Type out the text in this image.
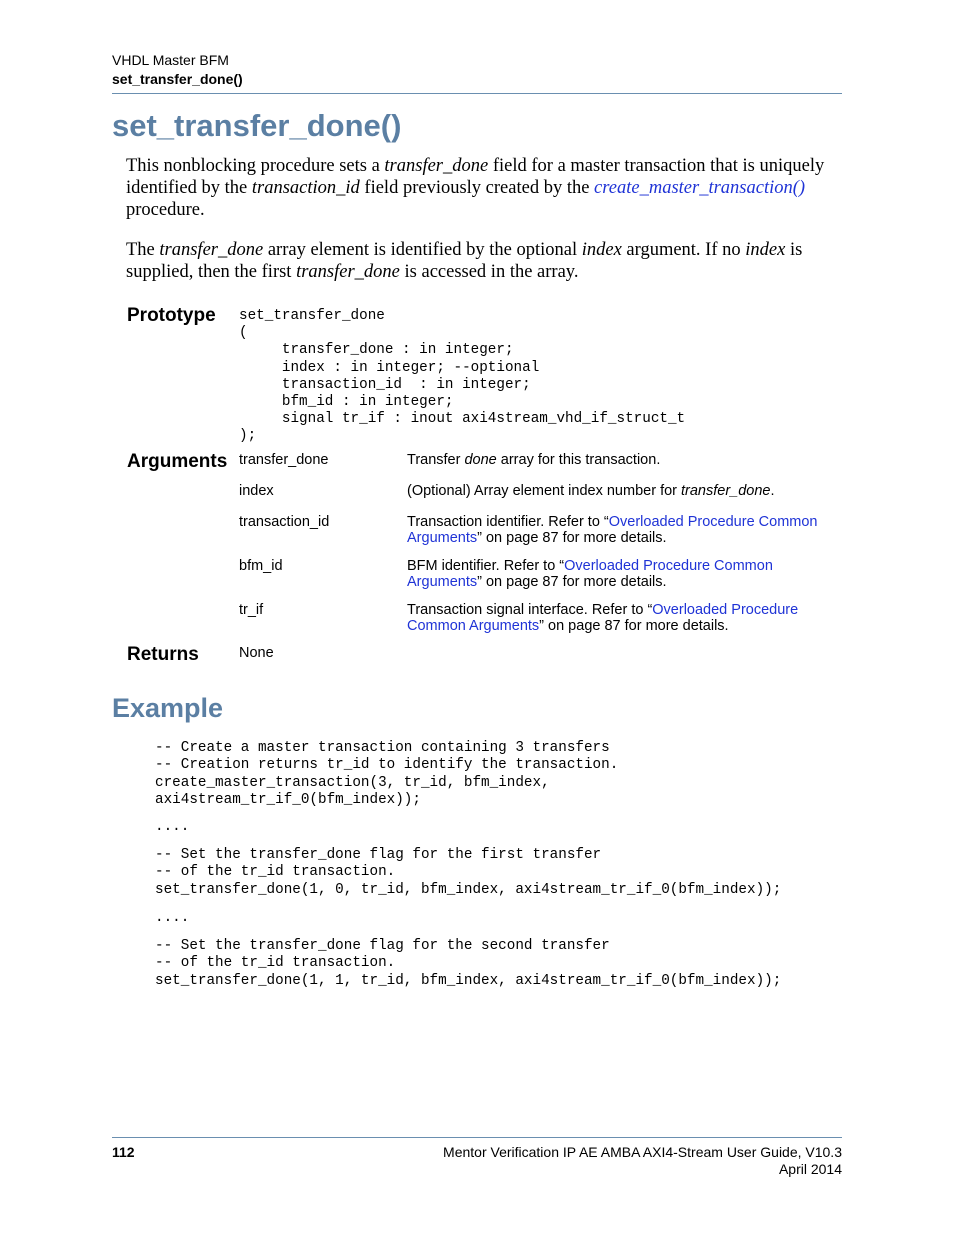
VHDL Master BFM
set_transfer_done()
set_transfer_done()

This nonblocking procedure sets a transfer_done field for a master transaction that is uniquely identified by the transaction_id field previously created by the create_master_transaction() procedure.

The transfer_done array element is identified by the optional index argument. If no index is supplied, then the first transfer_done is accessed in the array.

Prototype set_transfer_done
(
transfer_done : in integer;
index : in integer; --optional
transaction_id  : in integer;
bfm_id : in integer;
signal tr_if : inout axi4stream_vhd_if_struct_t
);
Arguments transfer_done	Transfer done array for this transaction.
index	(Optional) Array element index number for transfer_done.
transaction_id	Transaction identifier. Refer to “Overloaded Procedure Common Arguments” on page 87 for more details.
bfm_id	BFM identifier. Refer to “Overloaded Procedure Common Arguments” on page 87 for more details.
tr_if	Transaction signal interface. Refer to “Overloaded Procedure Common Arguments” on page 87 for more details.
Returns	None
Example
-- Create a master transaction containing 3 transfers
-- Creation returns tr_id to identify the transaction.
create_master_transaction(3, tr_id, bfm_index,
axi4stream_tr_if_0(bfm_index));
....
-- Set the transfer_done flag for the first transfer
-- of the tr_id transaction.
set_transfer_done(1, 0, tr_id, bfm_index, axi4stream_tr_if_0(bfm_index));
....
-- Set the transfer_done flag for the second transfer
-- of the tr_id transaction.
set_transfer_done(1, 1, tr_id, bfm_index, axi4stream_tr_if_0(bfm_index));
112	Mentor Verification IP AE AMBA AXI4-Stream User Guide, V10.3
April 2014
